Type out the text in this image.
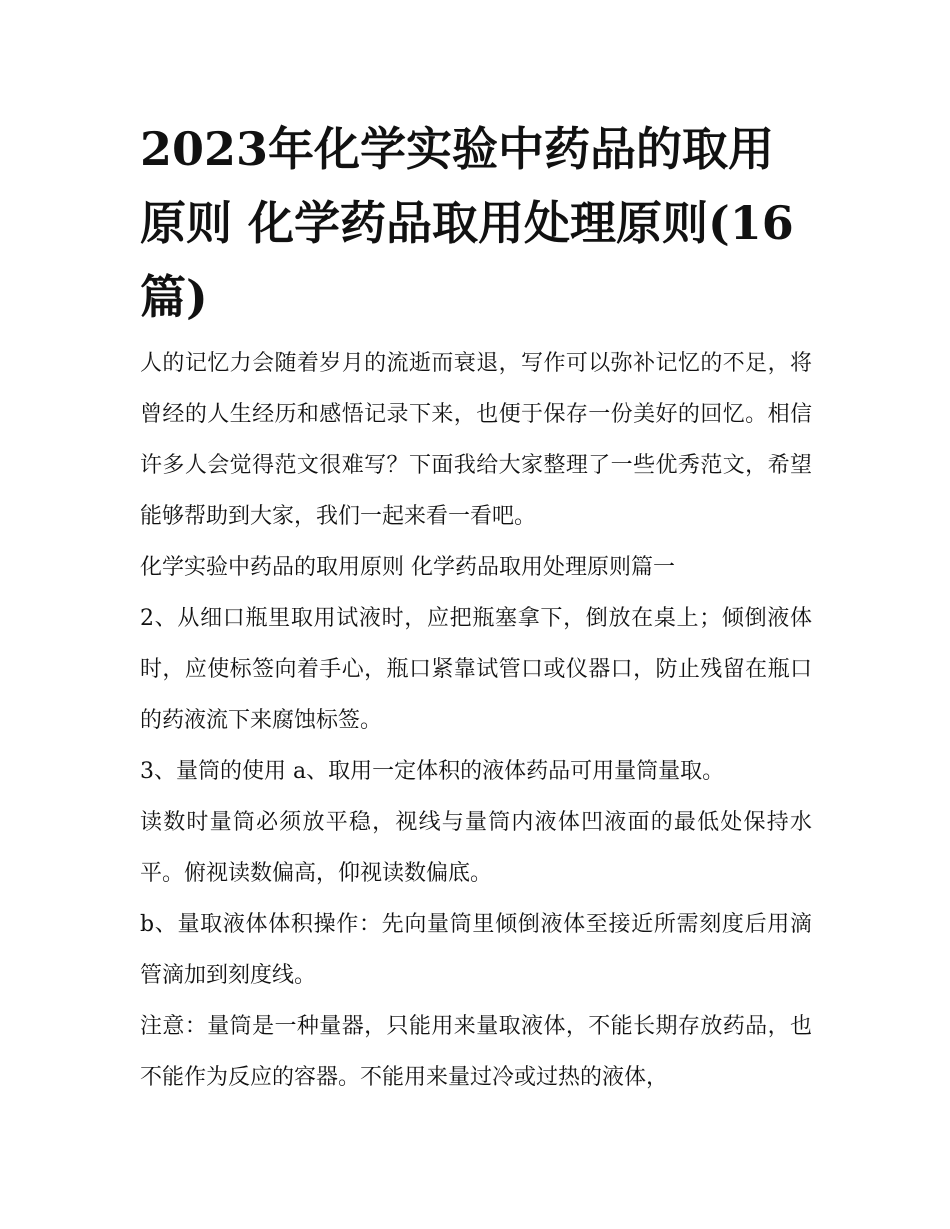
2023年化学实验中药品的取用原则 化学药品取用处理原则(16篇)

人的记忆力会随着岁月的流逝而衰退，写作可以弥补记忆的不足，将曾经的人生经历和感悟记录下来，也便于保存一份美好的回忆。相信许多人会觉得范文很难写？下面我给大家整理了一些优秀范文，希望能够帮助到大家，我们一起来看一看吧。

化学实验中药品的取用原则 化学药品取用处理原则篇一

2、从细口瓶里取用试液时，应把瓶塞拿下，倒放在桌上；倾倒液体时，应使标签向着手心，瓶口紧靠试管口或仪器口，防止残留在瓶口的药液流下来腐蚀标签。

3、量筒的使用 a、取用一定体积的液体药品可用量筒量取。

读数时量筒必须放平稳，视线与量筒内液体凹液面的最低处保持水平。俯视读数偏高，仰视读数偏底。

b、量取液体体积操作：先向量筒里倾倒液体至接近所需刻度后用滴管滴加到刻度线。

注意：量筒是一种量器，只能用来量取液体，不能长期存放药品，也不能作为反应的容器。不能用来量过冷或过热的液体，
